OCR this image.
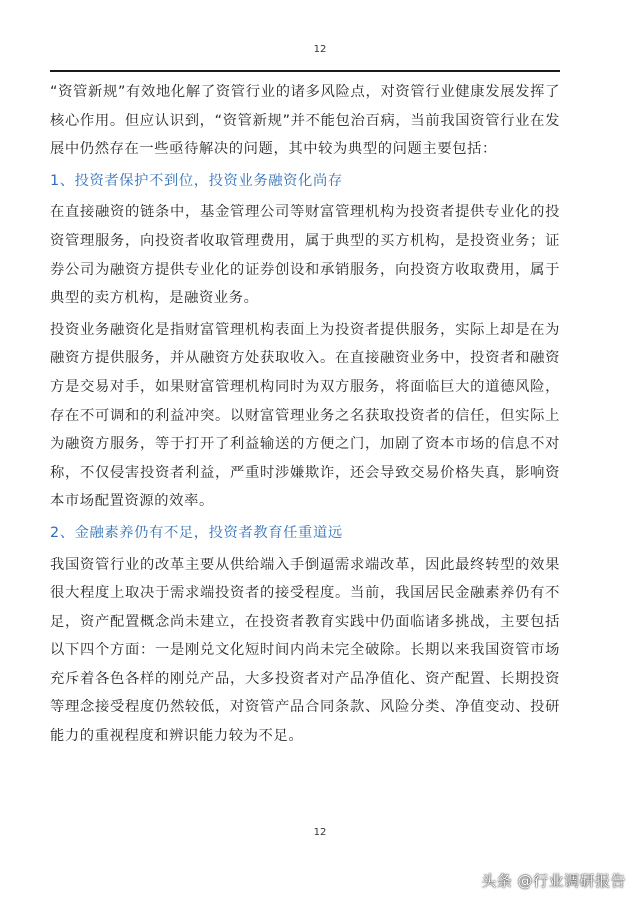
12

“资管新规”有效地化解了资管行业的诸多风险点，对资管行业健康发展发挥了核心作用。但应认识到，“资管新规”并不能包治百病，当前我国资管行业在发展中仍然存在一些亟待解决的问题，其中较为典型的问题主要包括：

1、投资者保护不到位，投资业务融资化尚存

在直接融资的链条中，基金管理公司等财富管理机构为投资者提供专业化的投资管理服务，向投资者收取管理费用，属于典型的买方机构，是投资业务；证券公司为融资方提供专业化的证券创设和承销服务，向投资方收取费用，属于典型的卖方机构，是融资业务。

投资业务融资化是指财富管理机构表面上为投资者提供服务，实际上却是在为融资方提供服务，并从融资方处获取收入。在直接融资业务中，投资者和融资方是交易对手，如果财富管理机构同时为双方服务，将面临巨大的道德风险，存在不可调和的利益冲突。以财富管理业务之名获取投资者的信任，但实际上为融资方服务，等于打开了利益输送的方便之门，加剧了资本市场的信息不对称，不仅侵害投资者利益，严重时涉嫌欺诈，还会导致交易价格失真，影响资本市场配置资源的效率。

2、金融素养仍有不足，投资者教育任重道远

我国资管行业的改革主要从供给端入手倒逼需求端改革，因此最终转型的效果很大程度上取决于需求端投资者的接受程度。当前，我国居民金融素养仍有不足，资产配置概念尚未建立，在投资者教育实践中仍面临诸多挑战，主要包括以下四个方面：一是刚兑文化短时间内尚未完全破除。长期以来我国资管市场充斥着各色各样的刚兑产品，大多投资者对产品净值化、资产配置、长期投资等理念接受程度仍然较低，对资管产品合同条款、风险分类、净值变动、投研能力的重视程度和辨识能力较为不足。

12
头条 @行业调研报告
